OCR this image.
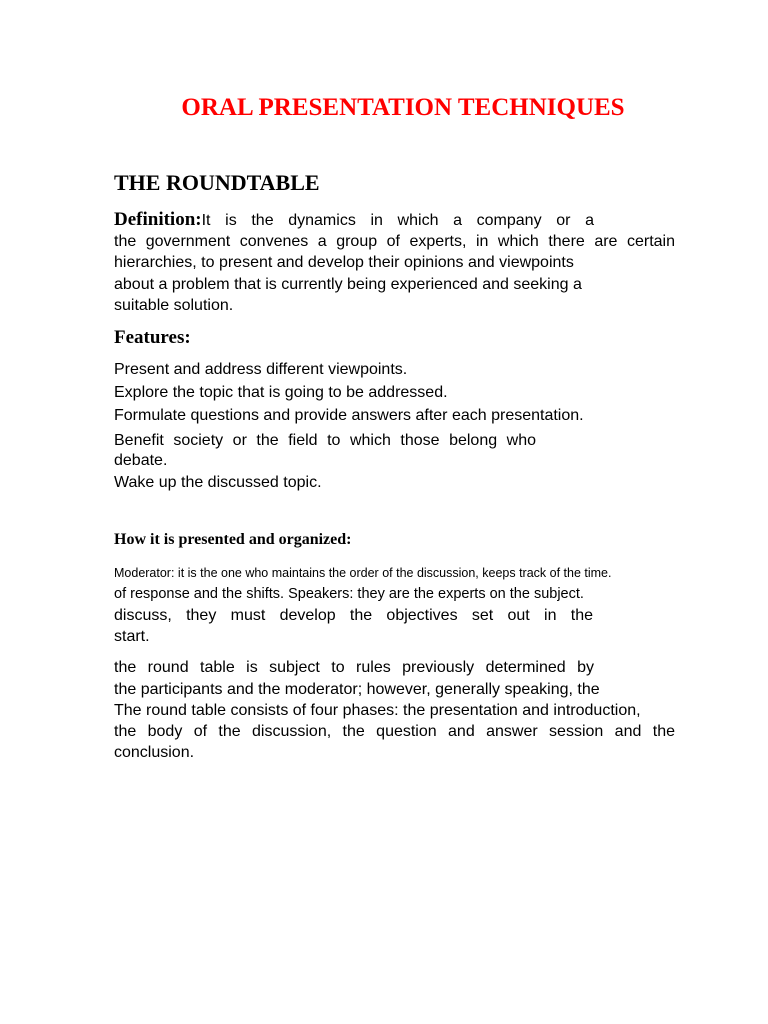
ORAL PRESENTATION TECHNIQUES
THE ROUNDTABLE
Definition:It is the dynamics in which a company or a
the government convenes a group of experts, in which there are certain
hierarchies, to present and develop their opinions and viewpoints
about a problem that is currently being experienced and seeking a
suitable solution.
Features:
Present and address different viewpoints.
Explore the topic that is going to be addressed.
Formulate questions and provide answers after each presentation.
Benefit society or the field to which those belong who
debate.
Wake up the discussed topic.
How it is presented and organized:
Moderator: it is the one who maintains the order of the discussion, keeps track of the time.
of response and the shifts. Speakers: they are the experts on the subject.
discuss, they must develop the objectives set out in the
start.
the round table is subject to rules previously determined by
the participants and the moderator; however, generally speaking, the
The round table consists of four phases: the presentation and introduction,
the body of the discussion, the question and answer session and the
conclusion.
